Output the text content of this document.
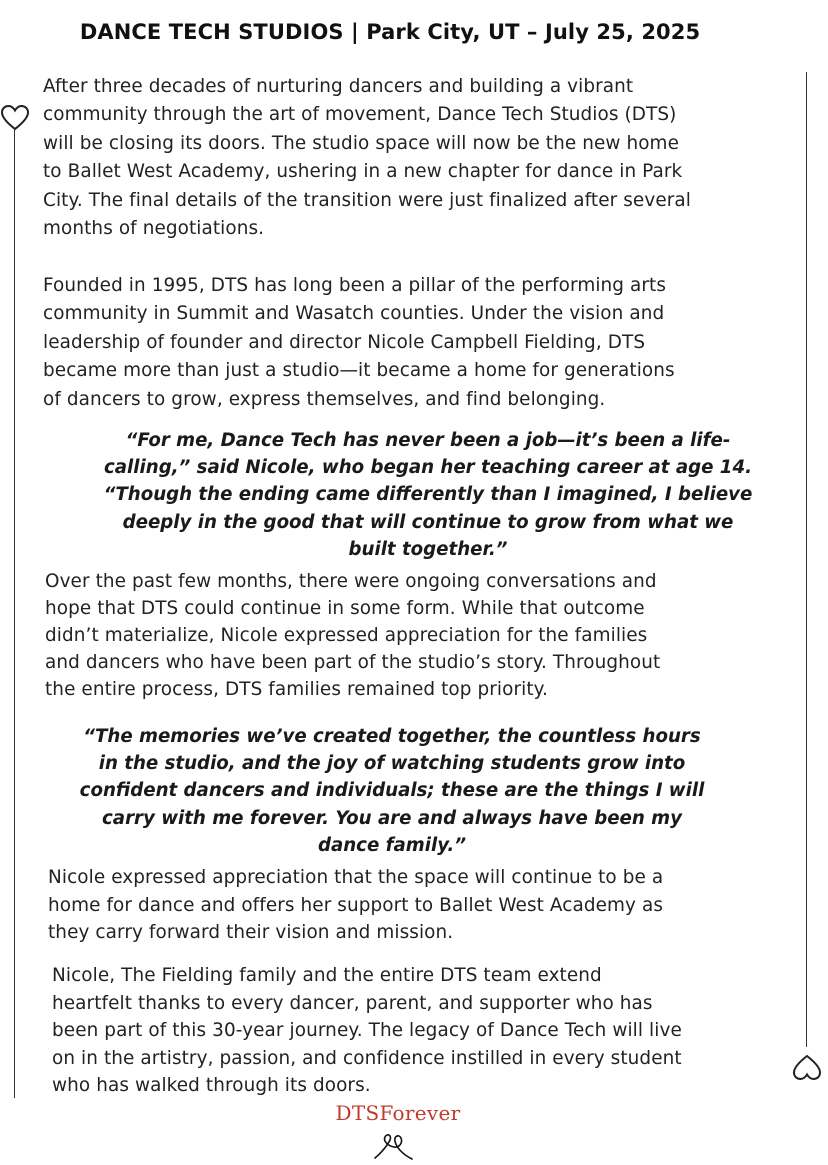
DANCE TECH STUDIOS | Park City, UT – July 25, 2025
After three decades of nurturing dancers and building a vibrant
community through the art of movement, Dance Tech Studios (DTS)
will be closing its doors. The studio space will now be the new home
to Ballet West Academy, ushering in a new chapter for dance in Park
City. The final details of the transition were just finalized after several
months of negotiations.
Founded in 1995, DTS has long been a pillar of the performing arts
community in Summit and Wasatch counties. Under the vision and
leadership of founder and director Nicole Campbell Fielding, DTS
became more than just a studio—it became a home for generations
of dancers to grow, express themselves, and find belonging.
“For me, Dance Tech has never been a job—it’s been a life-
calling,” said Nicole, who began her teaching career at age 14.
“Though the ending came differently than I imagined, I believe
deeply in the good that will continue to grow from what we
built together.”
Over the past few months, there were ongoing conversations and
hope that DTS could continue in some form. While that outcome
didn’t materialize, Nicole expressed appreciation for the families
and dancers who have been part of the studio’s story. Throughout
the entire process, DTS families remained top priority.
“The memories we’ve created together, the countless hours
in the studio, and the joy of watching students grow into
confident dancers and individuals; these are the things I will
carry with me forever. You are and always have been my
dance family.”
Nicole expressed appreciation that the space will continue to be a
home for dance and offers her support to Ballet West Academy as
they carry forward their vision and mission.
Nicole, The Fielding family and the entire DTS team extend
heartfelt thanks to every dancer, parent, and supporter who has
been part of this 30-year journey. The legacy of Dance Tech will live
on in the artistry, passion, and confidence instilled in every student
who has walked through its doors.
DTSForever
